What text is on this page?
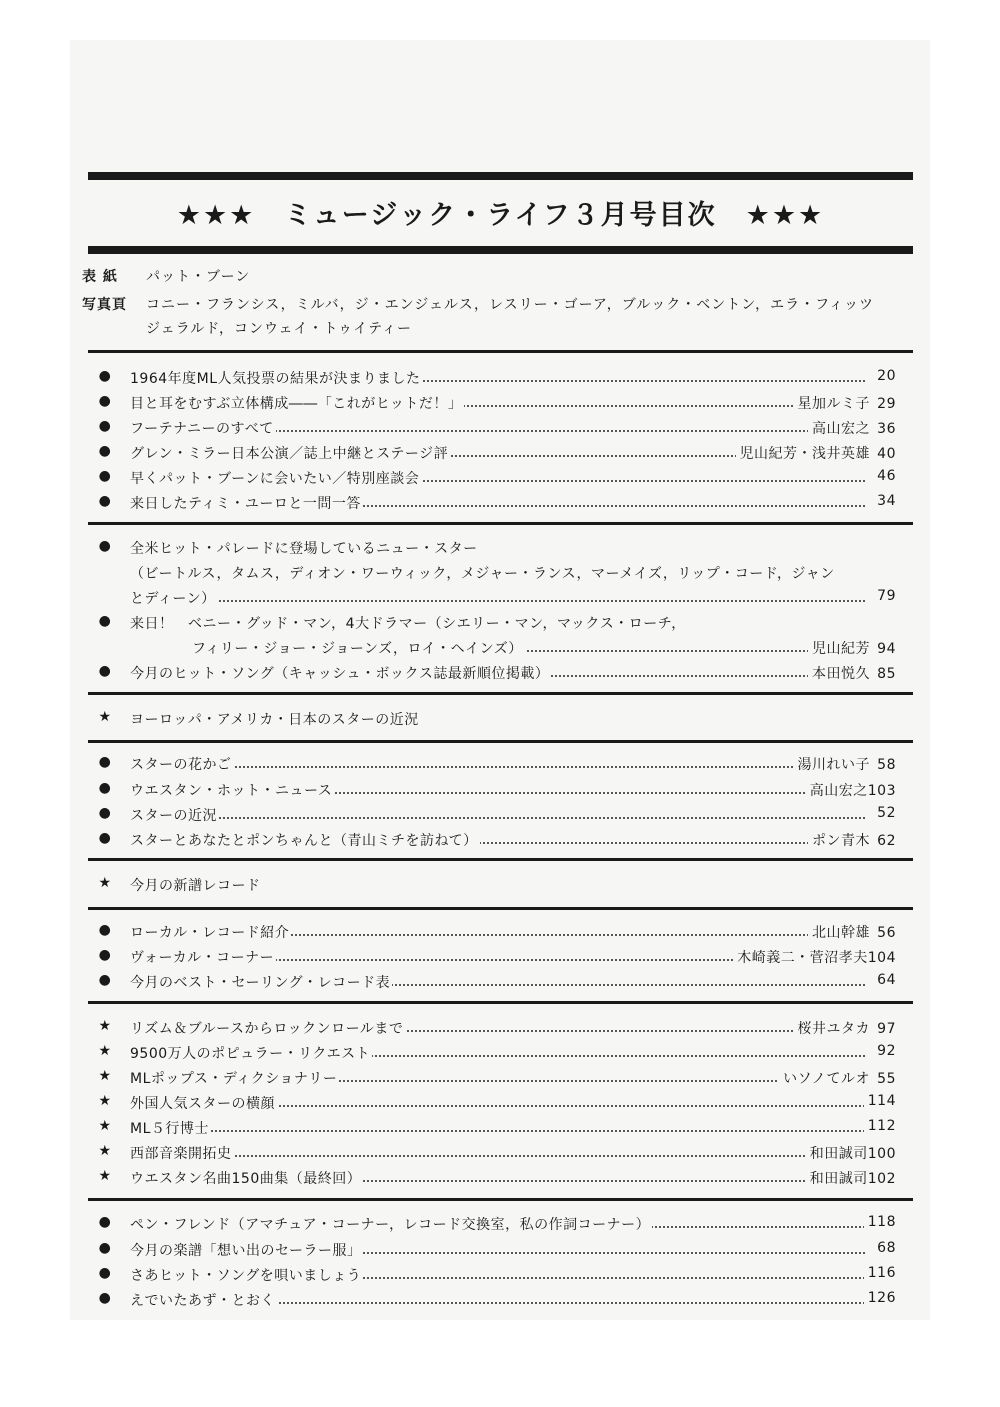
★★★　ミュージック・ライフ３月号目次　★★★
表 紙 パット・ブーン
写真頁 コニー・フランシス，ミルバ，ジ・エンジェルス，レスリー・ゴーア，ブルック・ベントン，エラ・フィッツ
ジェラルド，コンウェイ・トゥイティー
● 1964年度ML人気投票の結果が決まりました	20
● 目と耳をむすぶ立体構成――「これがヒットだ！」	星加ルミ子 29
● フーテナニーのすべて	高山宏之 36
● グレン・ミラー日本公演／誌上中継とステージ評	児山紀芳・浅井英雄 40
● 早くパット・ブーンに会いたい／特別座談会	46
● 来日したティミ・ユーロと一問一答	34
● 全米ヒット・パレードに登場しているニュー・スター
（ビートルス，タムス，ディオン・ワーウィック，メジャー・ランス，マーメイズ，リップ・コード，ジャン
とディーン）	79
● 来日！　ベニー・グッド・マン，4大ドラマー（シエリー・マン，マックス・ローチ，
フィリー・ジョー・ジョーンズ，ロイ・ヘインズ）	児山紀芳 94
● 今月のヒット・ソング（キャッシュ・ボックス誌最新順位掲載）	本田悦久 85
★ ヨーロッパ・アメリカ・日本のスターの近況
● スターの花かご	湯川れい子 58
● ウエスタン・ホット・ニュース	高山宏之103
● スターの近況	52
● スターとあなたとポンちゃんと（青山ミチを訪ねて）	ポン青木 62
★ 今月の新譜レコード
● ローカル・レコード紹介	北山幹雄 56
● ヴォーカル・コーナー	木崎義二・菅沼孝夫104
● 今月のベスト・セーリング・レコード表	64
★ リズム＆ブルースからロックンロールまで	桜井ユタカ 97
★ 9500万人のポピュラー・リクエスト	92
★ MLポップス・ディクショナリー	いソノてルオ 55
★ 外国人気スターの横顔	114
★ ML５行博士	112
★ 西部音楽開拓史	和田誠司100
★ ウエスタン名曲150曲集（最終回）	和田誠司102
● ペン・フレンド（アマチュア・コーナー，レコード交換室，私の作詞コーナー）	118
● 今月の楽譜「想い出のセーラー服」	68
● さあヒット・ソングを唄いましょう	116
● えでいたあず・とおく	126
